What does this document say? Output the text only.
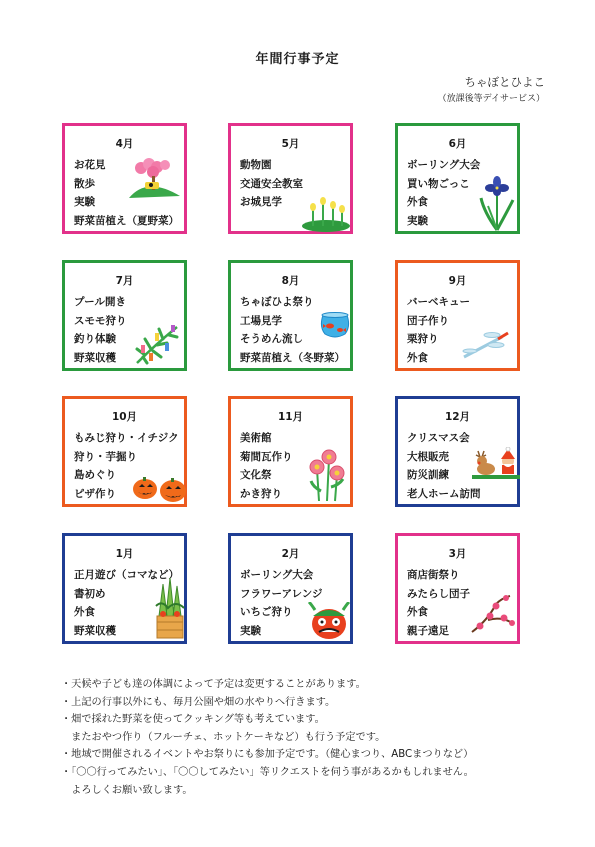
年間行事予定
ちゃぼとひよこ
（放課後等デイサービス）
4月
お花見
散歩
実験
野菜苗植え（夏野菜）
5月
動物園
交通安全教室
お城見学
6月
ボーリング大会
買い物ごっこ
外食
実験
7月
プール開き
スモモ狩り
釣り体験
野菜収穫
8月
ちゃぼひよ祭り
工場見学
そうめん流し
野菜苗植え（冬野菜）
9月
バーベキュー
団子作り
栗狩り
外食
10月
もみじ狩り・イチジク
狩り・芋掘り
島めぐり
ピザ作り
11月
美術館
菊間瓦作り
文化祭
かき狩り
12月
クリスマス会
大根販売
防災訓練
老人ホーム訪問
1月
正月遊び（コマなど）
書初め
外食
野菜収穫
2月
ボーリング大会
フラワーアレンジ
いちご狩り
実験
3月
商店街祭り
みたらし団子
外食
親子遠足
・天候や子ども達の体調によって予定は変更することがあります。
・上記の行事以外にも、毎月公園や畑の水やりへ行きます。
・畑で採れた野菜を使ってクッキング等も考えています。
　またおやつ作り（フルーチェ、ホットケーキなど）も行う予定です。
・地域で開催されるイベントやお祭りにも参加予定です。（健心まつり、ABCまつりなど）
・「〇〇行ってみたい」、「〇〇してみたい」等リクエストを伺う事があるかもしれません。
　よろしくお願い致します。
